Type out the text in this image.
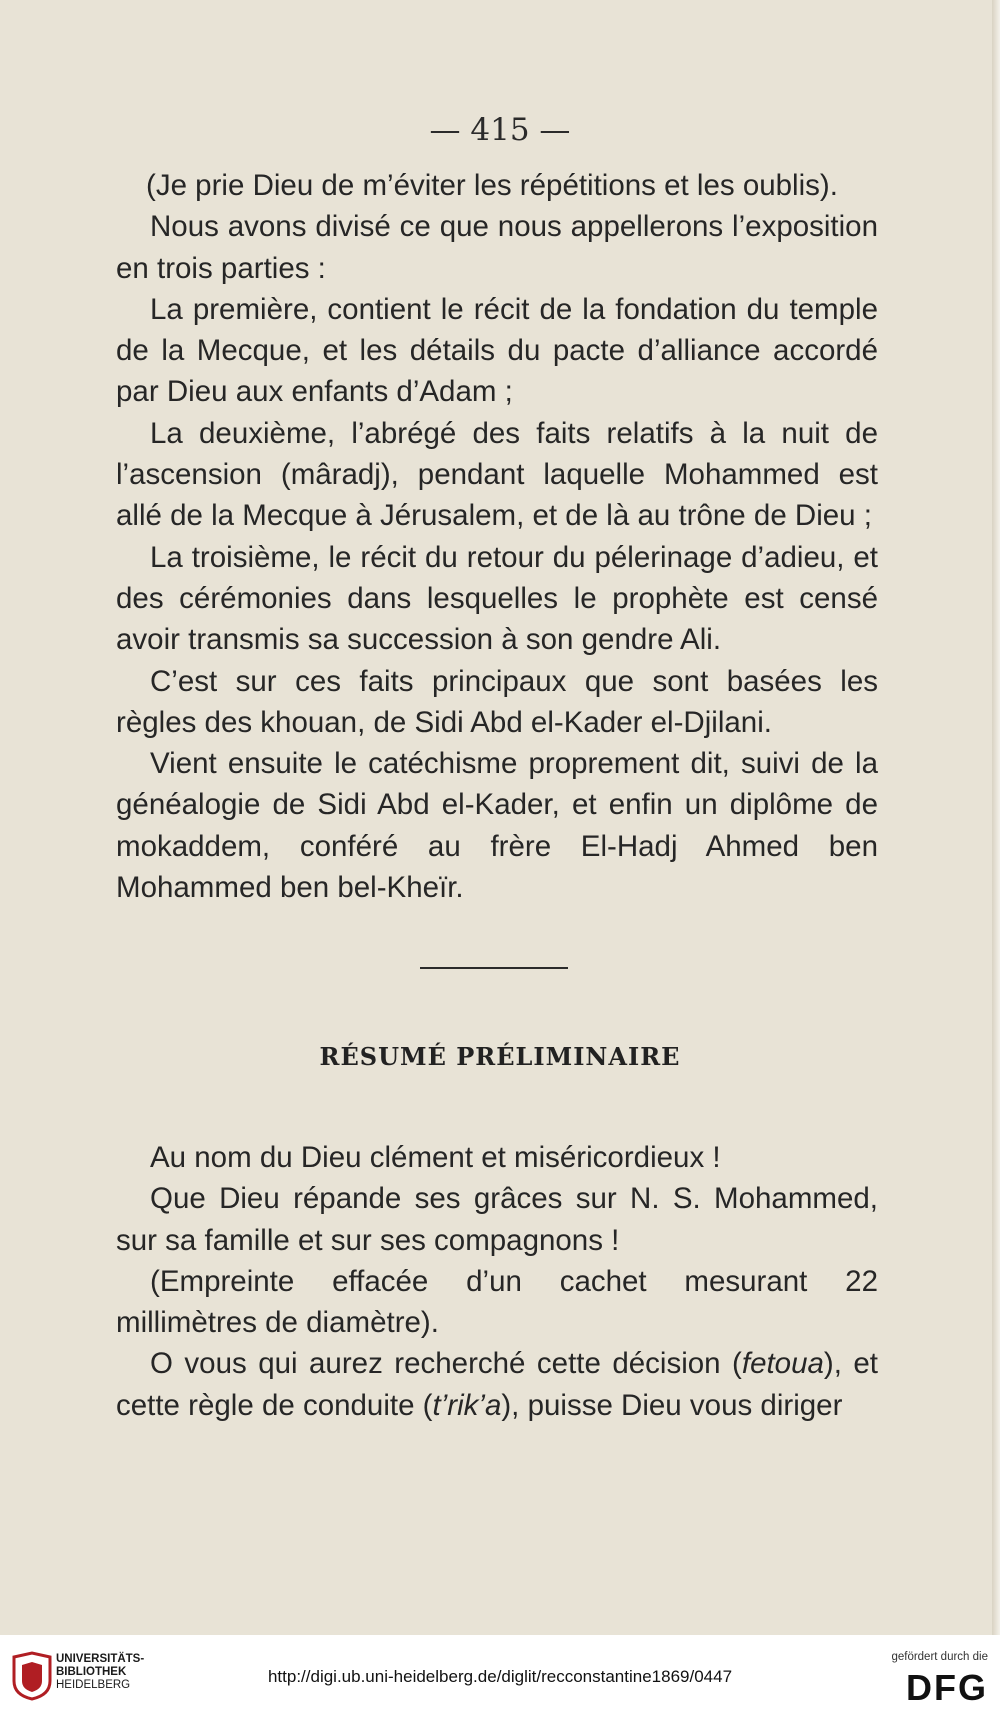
— 415 —

(Je prie Dieu de m’éviter les répétitions et les oublis).

Nous avons divisé ce que nous appellerons l’exposition en trois parties :

La première, contient le récit de la fondation du temple de la Mecque, et les détails du pacte d’alliance accordé par Dieu aux enfants d’Adam ;

La deuxième, l’abrégé des faits relatifs à la nuit de l’ascension (mâradj), pendant laquelle Mohammed est allé de la Mecque à Jérusalem, et de là au trône de Dieu ;

La troisième, le récit du retour du pélerinage d’adieu, et des cérémonies dans lesquelles le prophète est censé avoir transmis sa succession à son gendre Ali.

C’est sur ces faits principaux que sont basées les règles des khouan, de Sidi Abd el-Kader el-Djilani.

Vient ensuite le catéchisme proprement dit, suivi de la généalogie de Sidi Abd el-Kader, et enfin un diplôme de mokaddem, conféré au frère El-Hadj Ahmed ben Mohammed ben bel-Kheïr.

RÉSUMÉ PRÉLIMINAIRE

Au nom du Dieu clément et miséricordieux !

Que Dieu répande ses grâces sur N. S. Mohammed, sur sa famille et sur ses compagnons !

(Empreinte effacée d’un cachet mesurant 22 millimètres de diamètre).

O vous qui aurez recherché cette décision (fetoua), et cette règle de conduite (t’rik’a), puisse Dieu vous diriger

UNIVERSITÄTS-
BIBLIOTHEK
HEIDELBERG	http://digi.ub.uni-heidelberg.de/diglit/recconstantine1869/0447
gefördert durch die
DFG
